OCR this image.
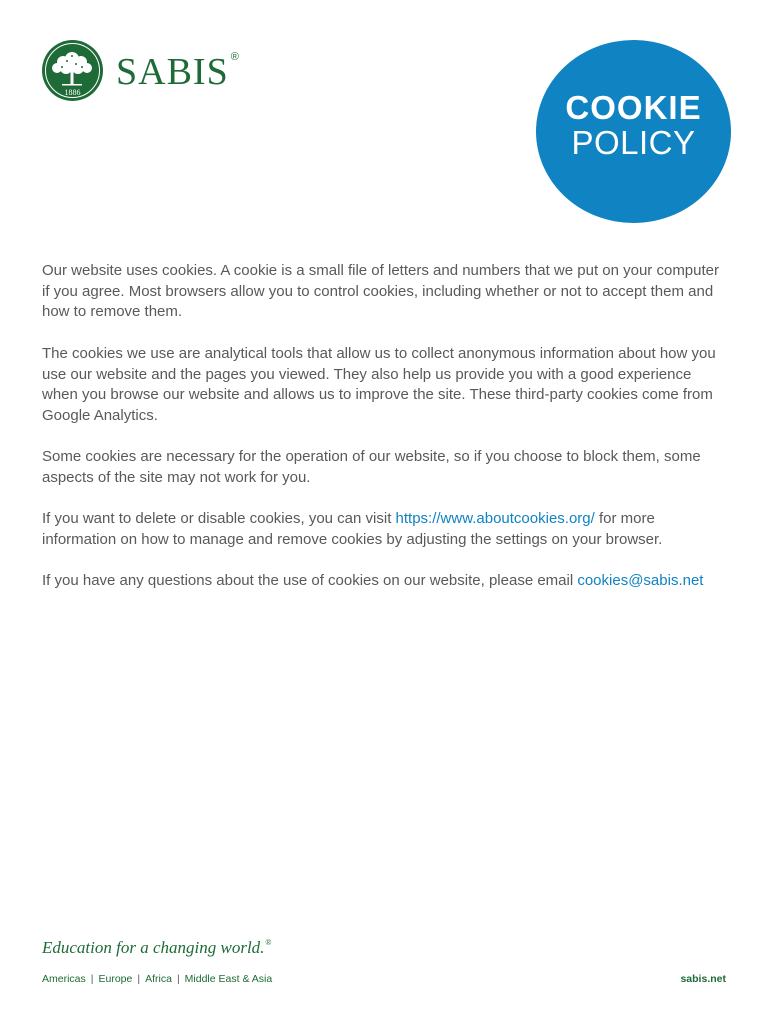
1886 SABIS ®
COOKIE
POLICY

Our website uses cookies. A cookie is a small file of letters and numbers that we put on your computer if you agree. Most browsers allow you to control cookies, including whether or not to accept them and how to remove them.

The cookies we use are analytical tools that allow us to collect anonymous information about how you use our website and the pages you viewed. They also help us provide you with a good experience when you browse our website and allows us to improve the site. These third-party cookies come from Google Analytics.

Some cookies are necessary for the operation of our website, so if you choose to block them, some aspects of the site may not work for you.

If you want to delete or disable cookies, you can visit https://www.aboutcookies.org/ for more information on how to manage and remove cookies by adjusting the settings on your browser.

If you have any questions about the use of cookies on our website, please email cookies@sabis.net

Education for a changing world.®
Americas | Europe | Africa | Middle East & Asia	sabis.net
